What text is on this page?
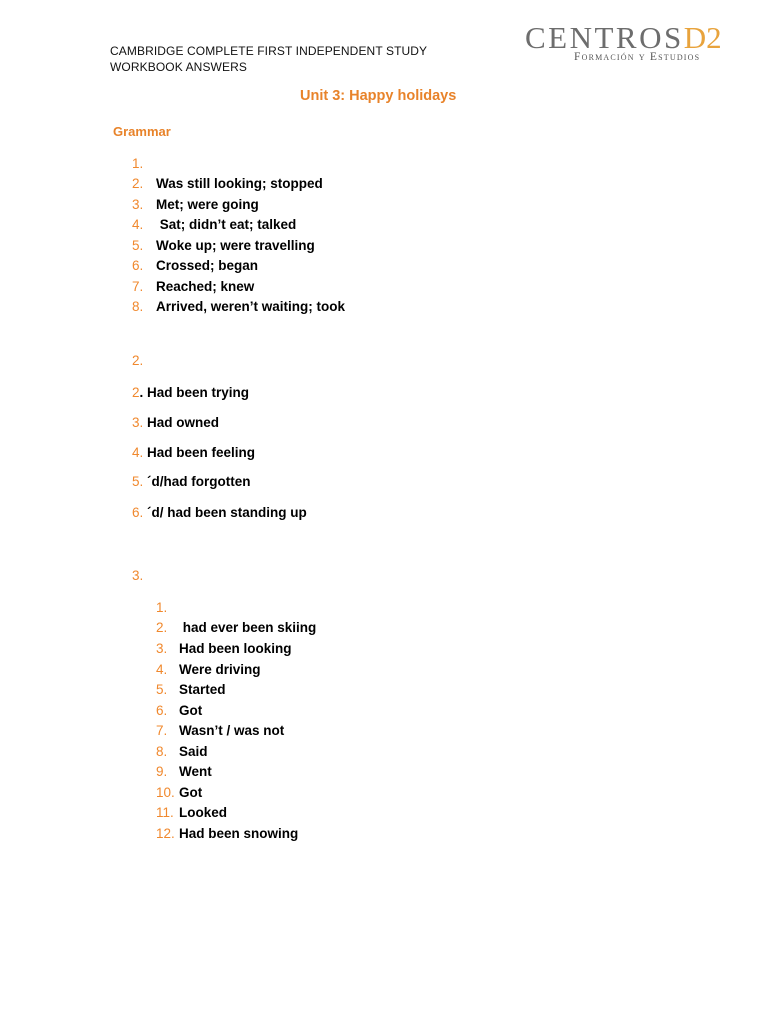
CAMBRIDGE COMPLETE FIRST INDEPENDENT STUDY
WORKBOOK ANSWERS
CENTROSD2
Formación y Estudios
Unit 3: Happy holidays
Grammar
1.
2. Was still looking; stopped
3. Met; were going
4. Sat; didn’t eat; talked
5. Woke up; were travelling
6. Crossed; began
7. Reached; knew
8. Arrived, weren’t waiting; took
2.
2. Had been trying
3. Had owned
4. Had been feeling
5. ´d/had forgotten
6. ´d/ had been standing up
3.
1.
2. had ever been skiing
3. Had been looking
4. Were driving
5. Started
6. Got
7. Wasn’t / was not
8. Said
9. Went
10. Got
11. Looked
12. Had been snowing
